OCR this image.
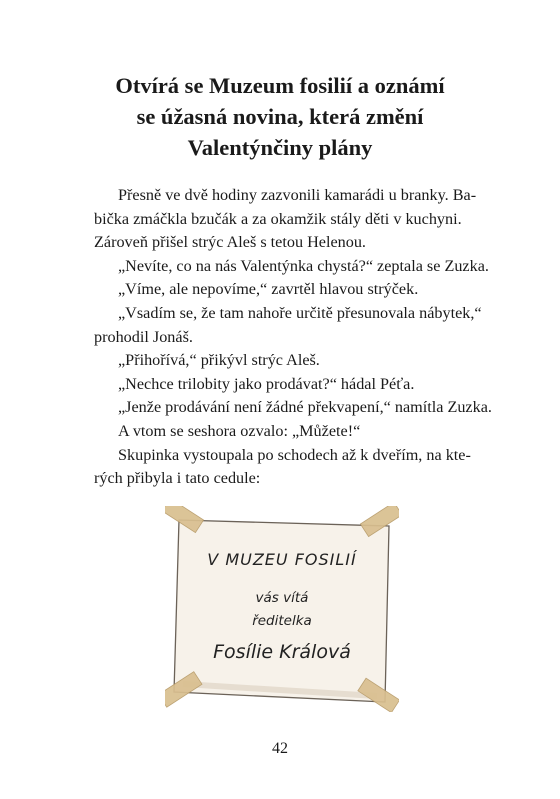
Otvírá se Muzeum fosilií a oznámí
se úžasná novina, která změní
Valentýnčiny plány
Přesně ve dvě hodiny zazvonili kamarádi u branky. Ba-
bička zmáčkla bzučák a za okamžik stály děti v kuchyni.
Zároveň přišel strýc Aleš s tetou Helenou.
„Nevíte, co na nás Valentýnka chystá?“ zeptala se Zuzka.
„Víme, ale nepovíme,“ zavrtěl hlavou strýček.
„Vsadím se, že tam nahoře určitě přesunovala nábytek,“
prohodil Jonáš.
„Přihořívá,“ přikývl strýc Aleš.
„Nechce trilobity jako prodávat?“ hádal Péťa.
„Jenže prodávání není žádné překvapení,“ namítla Zuzka.
A vtom se seshora ozvalo: „Můžete!“
Skupinka vystoupala po schodech až k dveřím, na kte-
rých přibyla i tato cedule:
V MUZEU FOSILIÍ
vás vítá
ředitelka
Fosílie Králová
42
